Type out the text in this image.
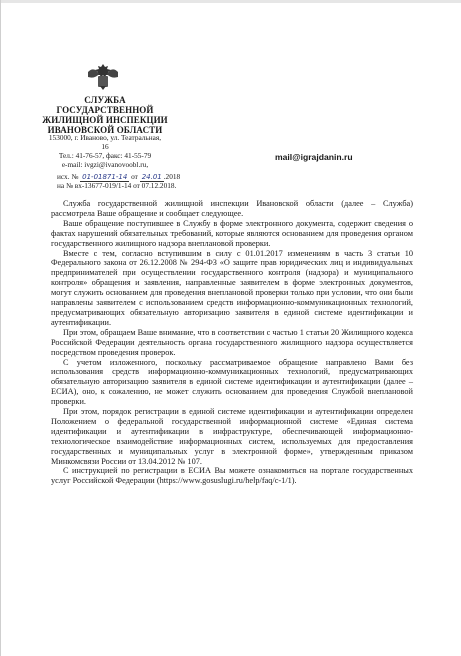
СЛУЖБА ГОСУДАРСТВЕННОЙ
ЖИЛИЩНОЙ ИНСПЕКЦИИ
ИВАНОВСКОЙ ОБЛАСТИ
153000, г. Иваново, ул. Театральная, 16
Тел.: 41-76-57, факс: 41-55-79
e-mail: ivgzi@ivanovoobl.ru,
исх. № 01-01871-14 от 24.01 .2018
на № вх-13677-019/1-14 от 07.12.2018.
mail@igrajdanin.ru

Служба государственной жилищной инспекции Ивановской области (далее – Служба) рассмотрела Ваше обращение и сообщает следующее.

Ваше обращение поступившее в Службу в форме электронного документа, содержит сведения о фактах нарушений обязательных требований, которые являются основанием для проведения органом государственного жилищного надзора внеплановой проверки.

Вместе с тем, согласно вступившим в силу с 01.01.2017 изменениям в часть 3 статьи 10 Федерального закона от 26.12.2008 № 294-ФЗ «О защите прав юридических лиц и индивидуальных предпринимателей при осуществлении государственного контроля (надзора) и муниципального контроля» обращения и заявления, направленные заявителем в форме электронных документов, могут служить основанием для проведения внеплановой проверки только при условии, что они были направлены заявителем с использованием средств информационно-коммуникационных технологий, предусматривающих обязательную авторизацию заявителя в единой системе идентификации и аутентификации.

При этом, обращаем Ваше внимание, что в соответствии с частью 1 статьи 20 Жилищного кодекса Российской Федерации деятельность органа государственного жилищного надзора осуществляется посредством проведения проверок.

С учетом изложенного, поскольку рассматриваемое обращение направлено Вами без использования средств информационно-коммуникационных технологий, предусматривающих обязательную авторизацию заявителя в единой системе идентификации и аутентификации (далее – ЕСИА), оно, к сожалению, не может служить основанием для проведения Службой внеплановой проверки.

При этом, порядок регистрации в единой системе идентификации и аутентификации определен Положением о федеральной государственной информационной системе «Единая система идентификации и аутентификации в инфраструктуре, обеспечивающей информационно-технологическое взаимодействие информационных систем, используемых для предоставления государственных и муниципальных услуг в электронной форме», утвержденным приказом Минкомсвязи России от 13.04.2012 № 107.

С инструкцией по регистрации в ЕСИА Вы можете ознакомиться на портале государственных услуг Российской Федерации (https://www.gosuslugi.ru/help/faq/c-1/1).
